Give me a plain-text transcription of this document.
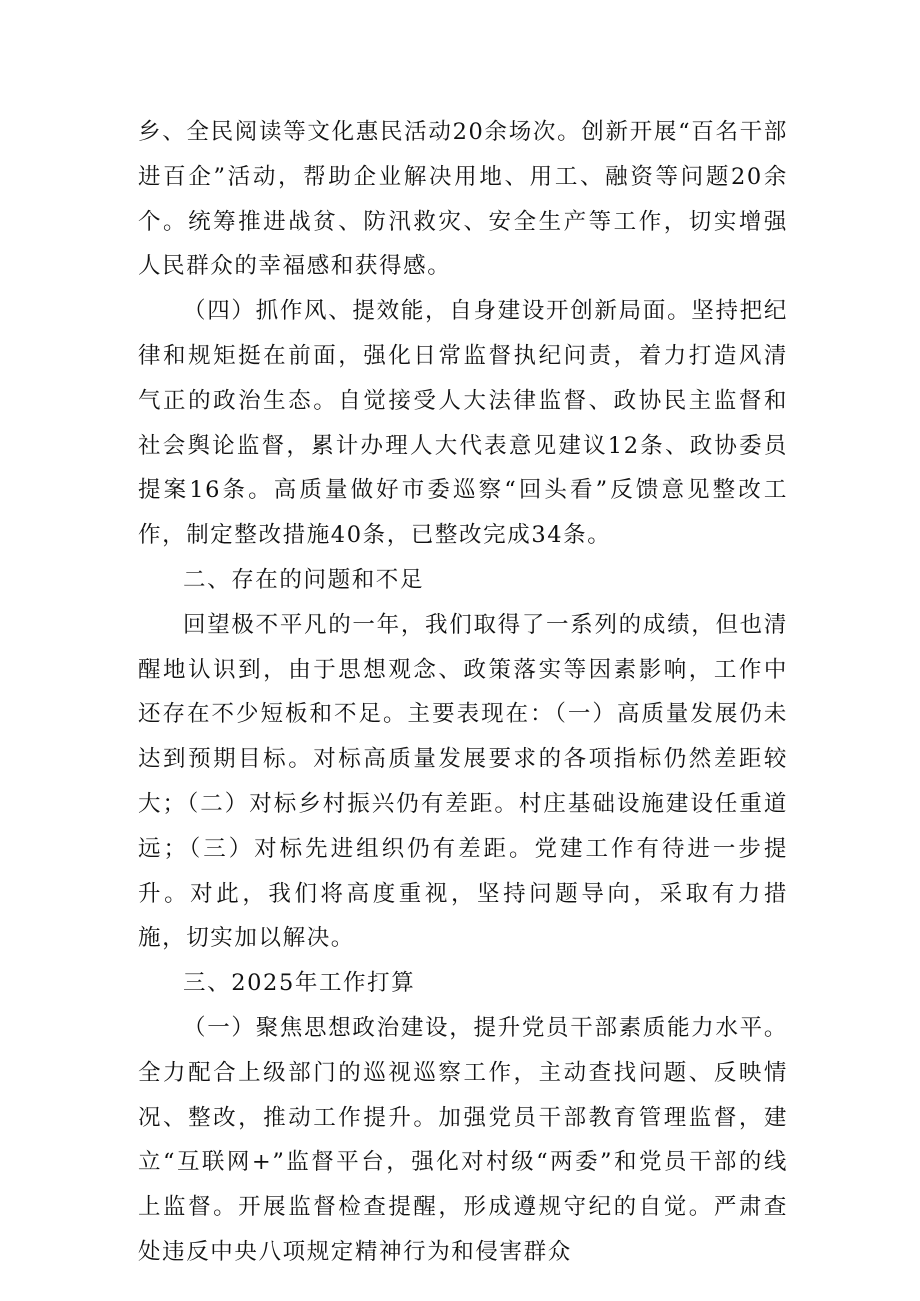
乡、全民阅读等文化惠民活动20余场次。创新开展“百名干部进百企”活动，帮助企业解决用地、用工、融资等问题20余个。统筹推进战贫、防汛救灾、安全生产等工作，切实增强人民群众的幸福感和获得感。

（四）抓作风、提效能，自身建设开创新局面。坚持把纪律和规矩挺在前面，强化日常监督执纪问责，着力打造风清气正的政治生态。自觉接受人大法律监督、政协民主监督和社会舆论监督，累计办理人大代表意见建议12条、政协委员提案16条。高质量做好市委巡察“回头看”反馈意见整改工作，制定整改措施40条，已整改完成34条。

二、存在的问题和不足

回望极不平凡的一年，我们取得了一系列的成绩，但也清醒地认识到，由于思想观念、政策落实等因素影响，工作中还存在不少短板和不足。主要表现在：（一）高质量发展仍未达到预期目标。对标高质量发展要求的各项指标仍然差距较大；（二）对标乡村振兴仍有差距。村庄基础设施建设任重道远；（三）对标先进组织仍有差距。党建工作有待进一步提升。对此，我们将高度重视，坚持问题导向，采取有力措施，切实加以解决。

三、2025年工作打算

（一）聚焦思想政治建设，提升党员干部素质能力水平。全力配合上级部门的巡视巡察工作，主动查找问题、反映情况、整改，推动工作提升。加强党员干部教育管理监督，建立“互联网+”监督平台，强化对村级“两委”和党员干部的线上监督。开展监督检查提醒，形成遵规守纪的自觉。严肃查处违反中央八项规定精神行为和侵害群众
